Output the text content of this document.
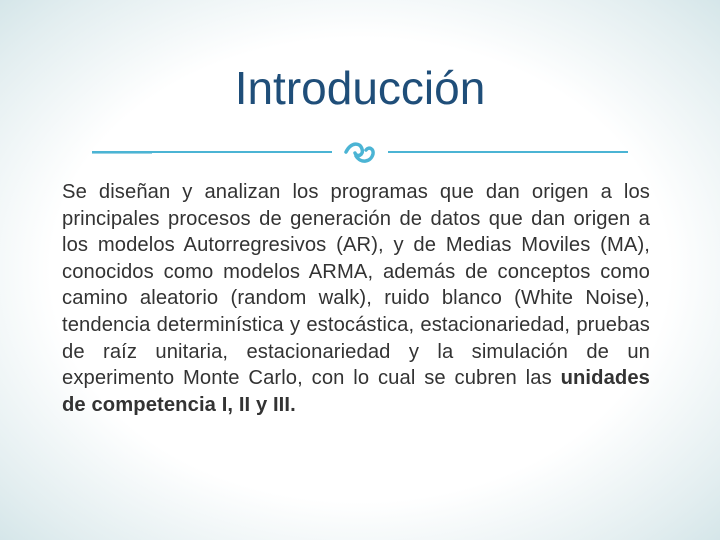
Introducción
Se diseñan y analizan los programas que dan origen a los principales procesos de generación de datos que dan origen a los modelos Autorregresivos (AR), y de Medias Moviles (MA), conocidos como modelos ARMA, además de conceptos como camino aleatorio (random walk), ruido blanco (White Noise), tendencia determinística y estocástica, estacionariedad, pruebas de raíz unitaria, estacionariedad y la simulación de un experimento Monte Carlo, con lo cual se cubren las unidades de competencia I, II y III.
